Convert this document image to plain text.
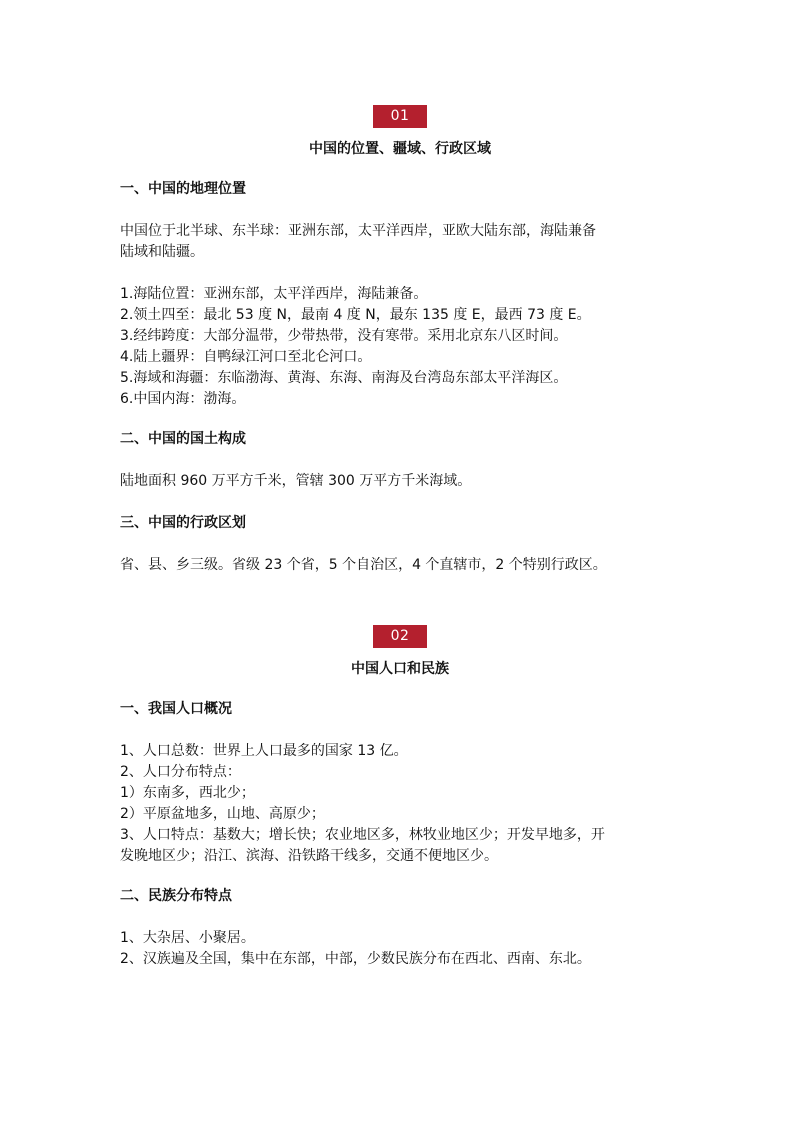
01
中国的位置、疆域、行政区域
一、中国的地理位置
中国位于北半球、东半球：亚洲东部，太平洋西岸，亚欧大陆东部，海陆兼备
陆域和陆疆。
1.海陆位置：亚洲东部，太平洋西岸，海陆兼备。
2.领土四至：最北 53 度 N，最南 4 度 N，最东 135 度 E，最西 73 度 E。
3.经纬跨度：大部分温带，少带热带，没有寒带。采用北京东八区时间。
4.陆上疆界：自鸭绿江河口至北仑河口。
5.海域和海疆：东临渤海、黄海、东海、南海及台湾岛东部太平洋海区。
6.中国内海：渤海。
二、中国的国土构成
陆地面积 960 万平方千米，管辖 300 万平方千米海域。
三、中国的行政区划
省、县、乡三级。省级 23 个省，5 个自治区，4 个直辖市，2 个特别行政区。
02
中国人口和民族
一、我国人口概况
1、人口总数：世界上人口最多的国家 13 亿。
2、人口分布特点：
1）东南多，西北少；
2）平原盆地多，山地、高原少；
3、人口特点：基数大；增长快；农业地区多，林牧业地区少；开发早地多，开
发晚地区少；沿江、滨海、沿铁路干线多，交通不便地区少。
二、民族分布特点
1、大杂居、小聚居。
2、汉族遍及全国，集中在东部，中部，少数民族分布在西北、西南、东北。
